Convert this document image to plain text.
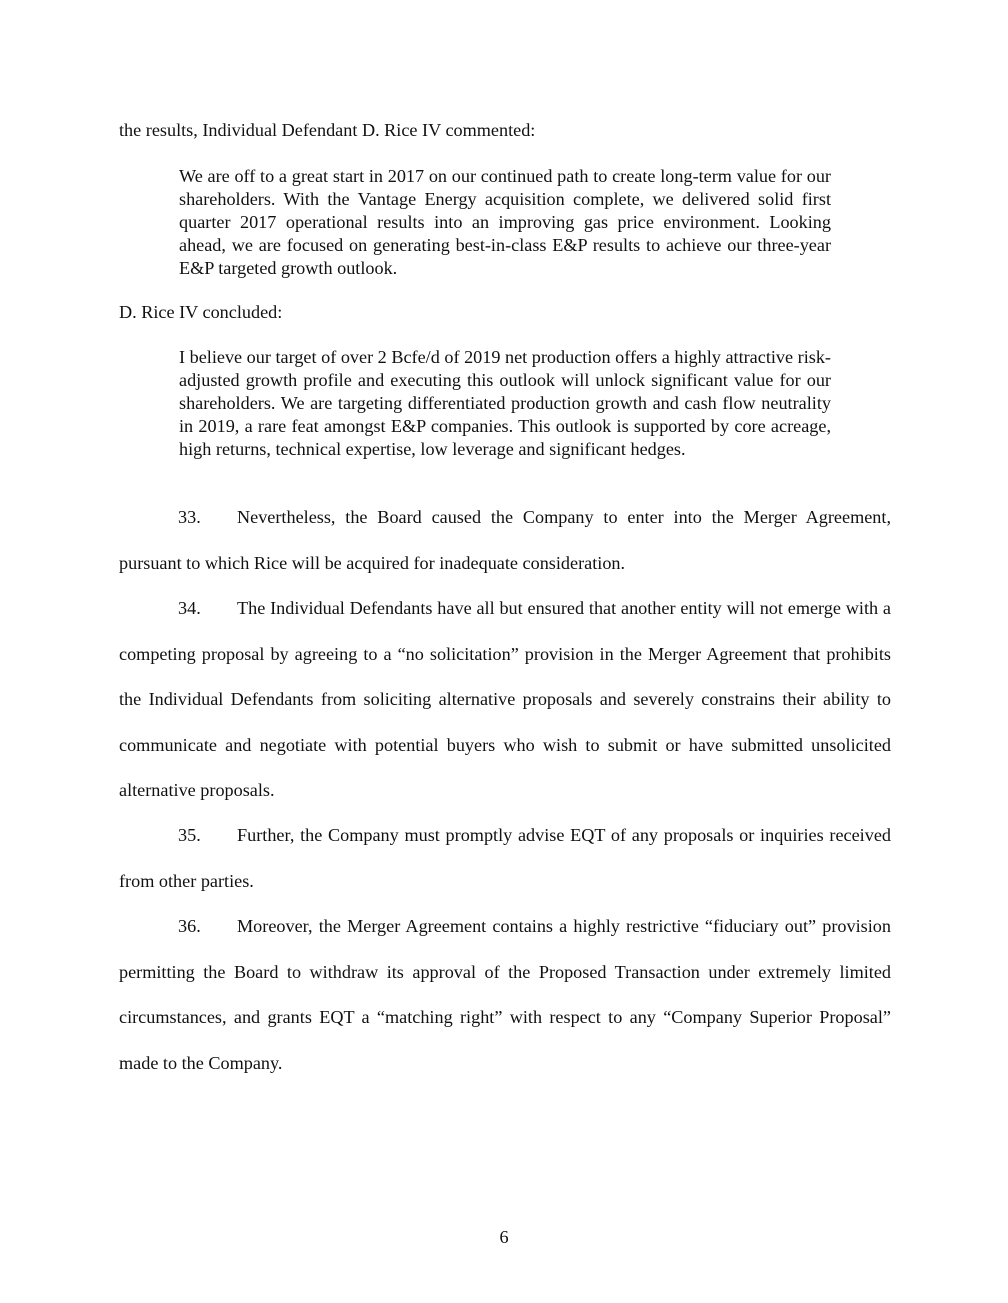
the results, Individual Defendant D. Rice IV commented:
We are off to a great start in 2017 on our continued path to create long-term value for our shareholders. With the Vantage Energy acquisition complete, we delivered solid first quarter 2017 operational results into an improving gas price environment. Looking ahead, we are focused on generating best-in-class E&P results to achieve our three-year E&P targeted growth outlook.
D. Rice IV concluded:
I believe our target of over 2 Bcfe/d of 2019 net production offers a highly attractive risk-adjusted growth profile and executing this outlook will unlock significant value for our shareholders. We are targeting differentiated production growth and cash flow neutrality in 2019, a rare feat amongst E&P companies. This outlook is supported by core acreage, high returns, technical expertise, low leverage and significant hedges.
33. Nevertheless, the Board caused the Company to enter into the Merger Agreement, pursuant to which Rice will be acquired for inadequate consideration.
34. The Individual Defendants have all but ensured that another entity will not emerge with a competing proposal by agreeing to a “no solicitation” provision in the Merger Agreement that prohibits the Individual Defendants from soliciting alternative proposals and severely constrains their ability to communicate and negotiate with potential buyers who wish to submit or have submitted unsolicited alternative proposals.
35. Further, the Company must promptly advise EQT of any proposals or inquiries received from other parties.
36. Moreover, the Merger Agreement contains a highly restrictive “fiduciary out” provision permitting the Board to withdraw its approval of the Proposed Transaction under extremely limited circumstances, and grants EQT a “matching right” with respect to any “Company Superior Proposal” made to the Company.
6
